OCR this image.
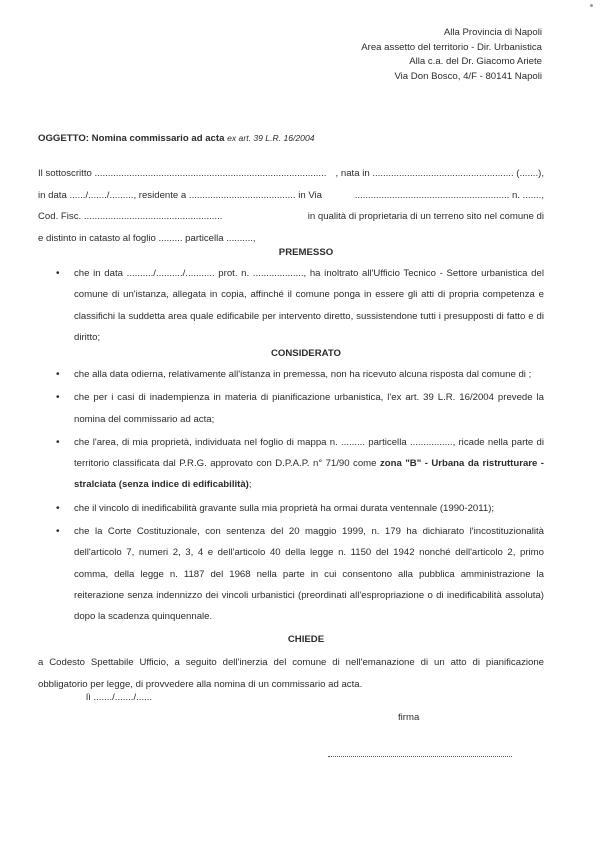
Alla Provincia di Napoli
Area assetto del territorio - Dir. Urbanistica
Alla c.a. del Dr. Giacomo Ariete
Via Don Bosco, 4/F - 80141 Napoli
OGGETTO: Nomina commissario ad acta ex art. 39 L.R. 16/2004
Il sottoscritto ....................................................................................... , nata in ..................................................... (.......),
in data ....../......./........., residente a ........................................ in Via	.......................................................... n. .......,
Cod. Fisc. ....................................................	in qualità di proprietaria di un terreno sito nel comune di
e distinto in catasto al foglio ......... particella ..........,
PREMESSO
• che in data ........../........../........... prot. n. ..................., ha inoltrato all'Ufficio Tecnico - Settore urbanistica del comune di un'istanza, allegata in copia, affinché il comune ponga in essere gli atti di propria competenza e classifichi la suddetta area quale edificabile per intervento diretto, sussistendone tutti i presupposti di fatto e di diritto;
CONSIDERATO
• che alla data odierna, relativamente all'istanza in premessa, non ha ricevuto alcuna risposta dal comune di ;
• che per i casi di inadempienza in materia di pianificazione urbanistica, l'ex art. 39 L.R. 16/2004 prevede la nomina del commissario ad acta;
• che l'area, di mia proprietà, individuata nel foglio di mappa n. ......... particella ................, ricade nella parte di territorio classificata dal P.R.G. approvato con D.P.A.P. n° 71/90 come zona "B" - Urbana da ristrutturare - stralciata (senza indice di edificabilità);
• che il vincolo di inedificabilità gravante sulla mia proprietà ha ormai durata ventennale (1990-2011);
• che la Corte Costituzionale, con sentenza del 20 maggio 1999, n. 179 ha dichiarato l'incostituzionalità dell'articolo 7, numeri 2, 3, 4 e dell'articolo 40 della legge n. 1150 del 1942 nonché dell'articolo 2, primo comma, della legge n. 1187 del 1968 nella parte in cui consentono alla pubblica amministrazione la reiterazione senza indennizzo dei vincoli urbanistici (preordinati all'espropriazione o di inedificabilità assoluta) dopo la scadenza quinquennale.
CHIEDE
a Codesto Spettabile Ufficio, a seguito dell'inerzia del comune di nell'emanazione di un atto di pianificazione obbligatorio per legge, di provvedere alla nomina di un commissario ad acta.
lì ......./......./......
firma
